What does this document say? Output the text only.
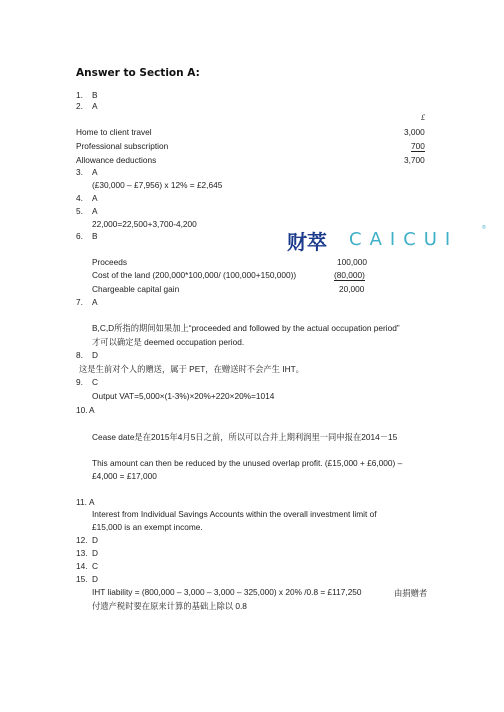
Answer to Section A:
1. B
2. A
£
Home to client travel	3,000
Professional subscription	700
Allowance deductions	3,700
3. A
(£30,000 – £7,956) x 12% = £2,645
4. A
5. A
22,000=22,500+3,700-4,200
6. B	财萃 CAICUI
®
Proceeds	100,000
Cost of the land (200,000*100,000/ (100,000+150,000))	(80,000)
Chargeable capital gain	20,000
7. A
B,C,D所指的期间如果加上“proceeded and followed by the actual occupation period”
才可以确定是 deemed occupation period.
8. D
这是生前对个人的赠送，属于 PET，在赠送时不会产生 IHT。
9. C
Output VAT=5,000×(1-3%)×20%+220×20%=1014
10. A
Cease date是在2015年4月5日之前，所以可以合并上期利润里一同申报在2014－15
This amount can then be reduced by the unused overlap profit. (£15,000 + £6,000) –
£4,000 = £17,000
11. A
Interest from Individual Savings Accounts within the overall investment limit of
£15,000 is an exempt income.
12. D
13. D
14. C
15. D
IHT liability = (800,000 – 3,000 – 3,000 – 325,000) x 20% /0.8 = £117,250	由捐赠者
付遗产税时要在原来计算的基础上除以 0.8
